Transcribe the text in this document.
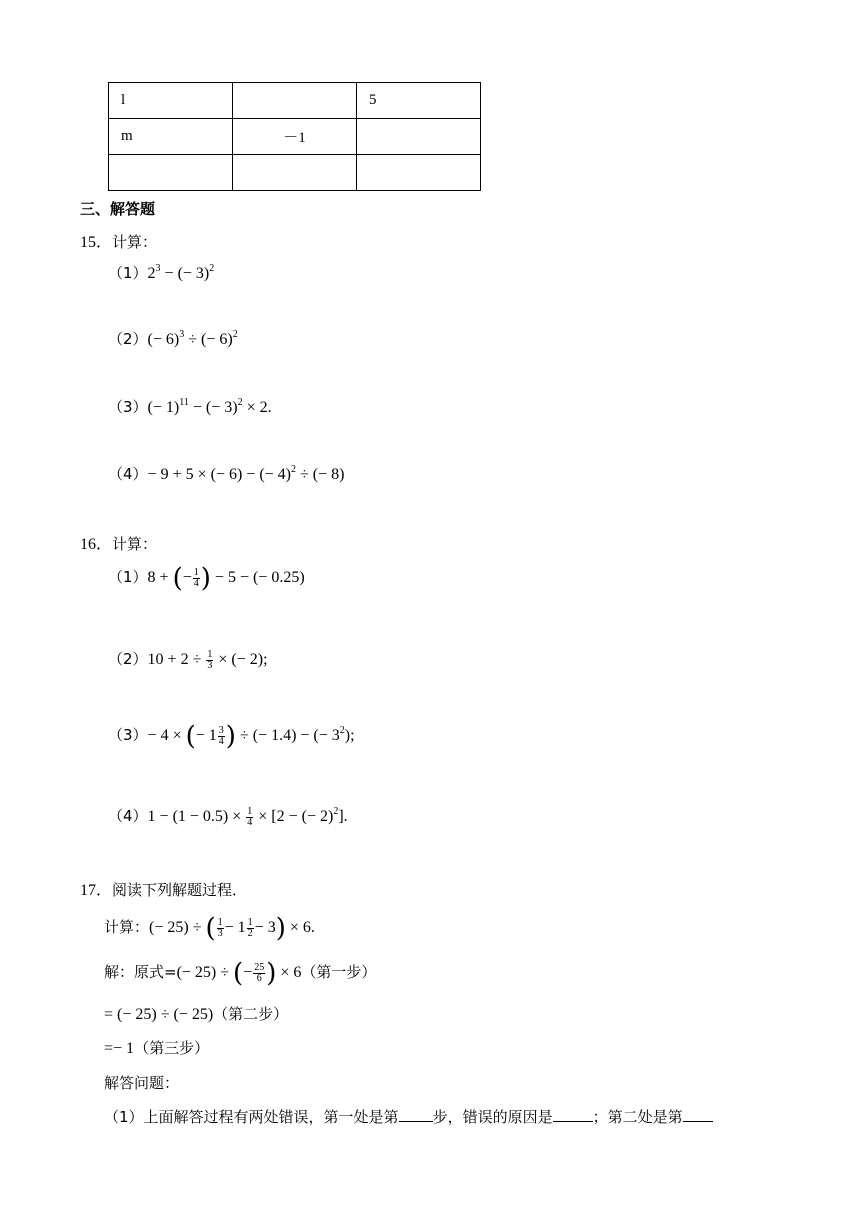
l		5
m	－1	

三、解答题
15．计算：
$(1)2^3$ − (− 3)$^2$
$(2)(- 6)^3$ ÷ (− 6)$^2$
$(3)(- 1)^{11}$ − (− 3)$^2$ × 2.
（4）− 9 + 5 × (− 6) − (− 4)$^2$ ÷ (− 8)
16．计算：
（1）8 + (− $\frac{1}{4}$ ) − 5 − (− 0.25)
$(2)10 + 2 \div \frac{1}{3}$ × (− 2);
（3）− 4 × (− $1 \frac{3}{4}$ ) ÷ (− 1.4) − (− $3^2$);
$(4)1 - (1 - 0.5) \times \frac{1}{4} \times [2$ − (− 2)$^2$].
17．阅读下列解题过程．
计算：(− 25) ÷ ( $\frac{1}{3} - 1 \frac{1}{2} - 3) \times 6$.
解：原式=(− 25) ÷ (− $\frac{25}{6}$ ) × 6（第一步）
= (− 25) ÷ (− 25)（第二步）
=− 1（第三步）
解答问题：
（1）上面解答过程有两处错误，第一处是第 步，错误的原因是	；第二处是第
